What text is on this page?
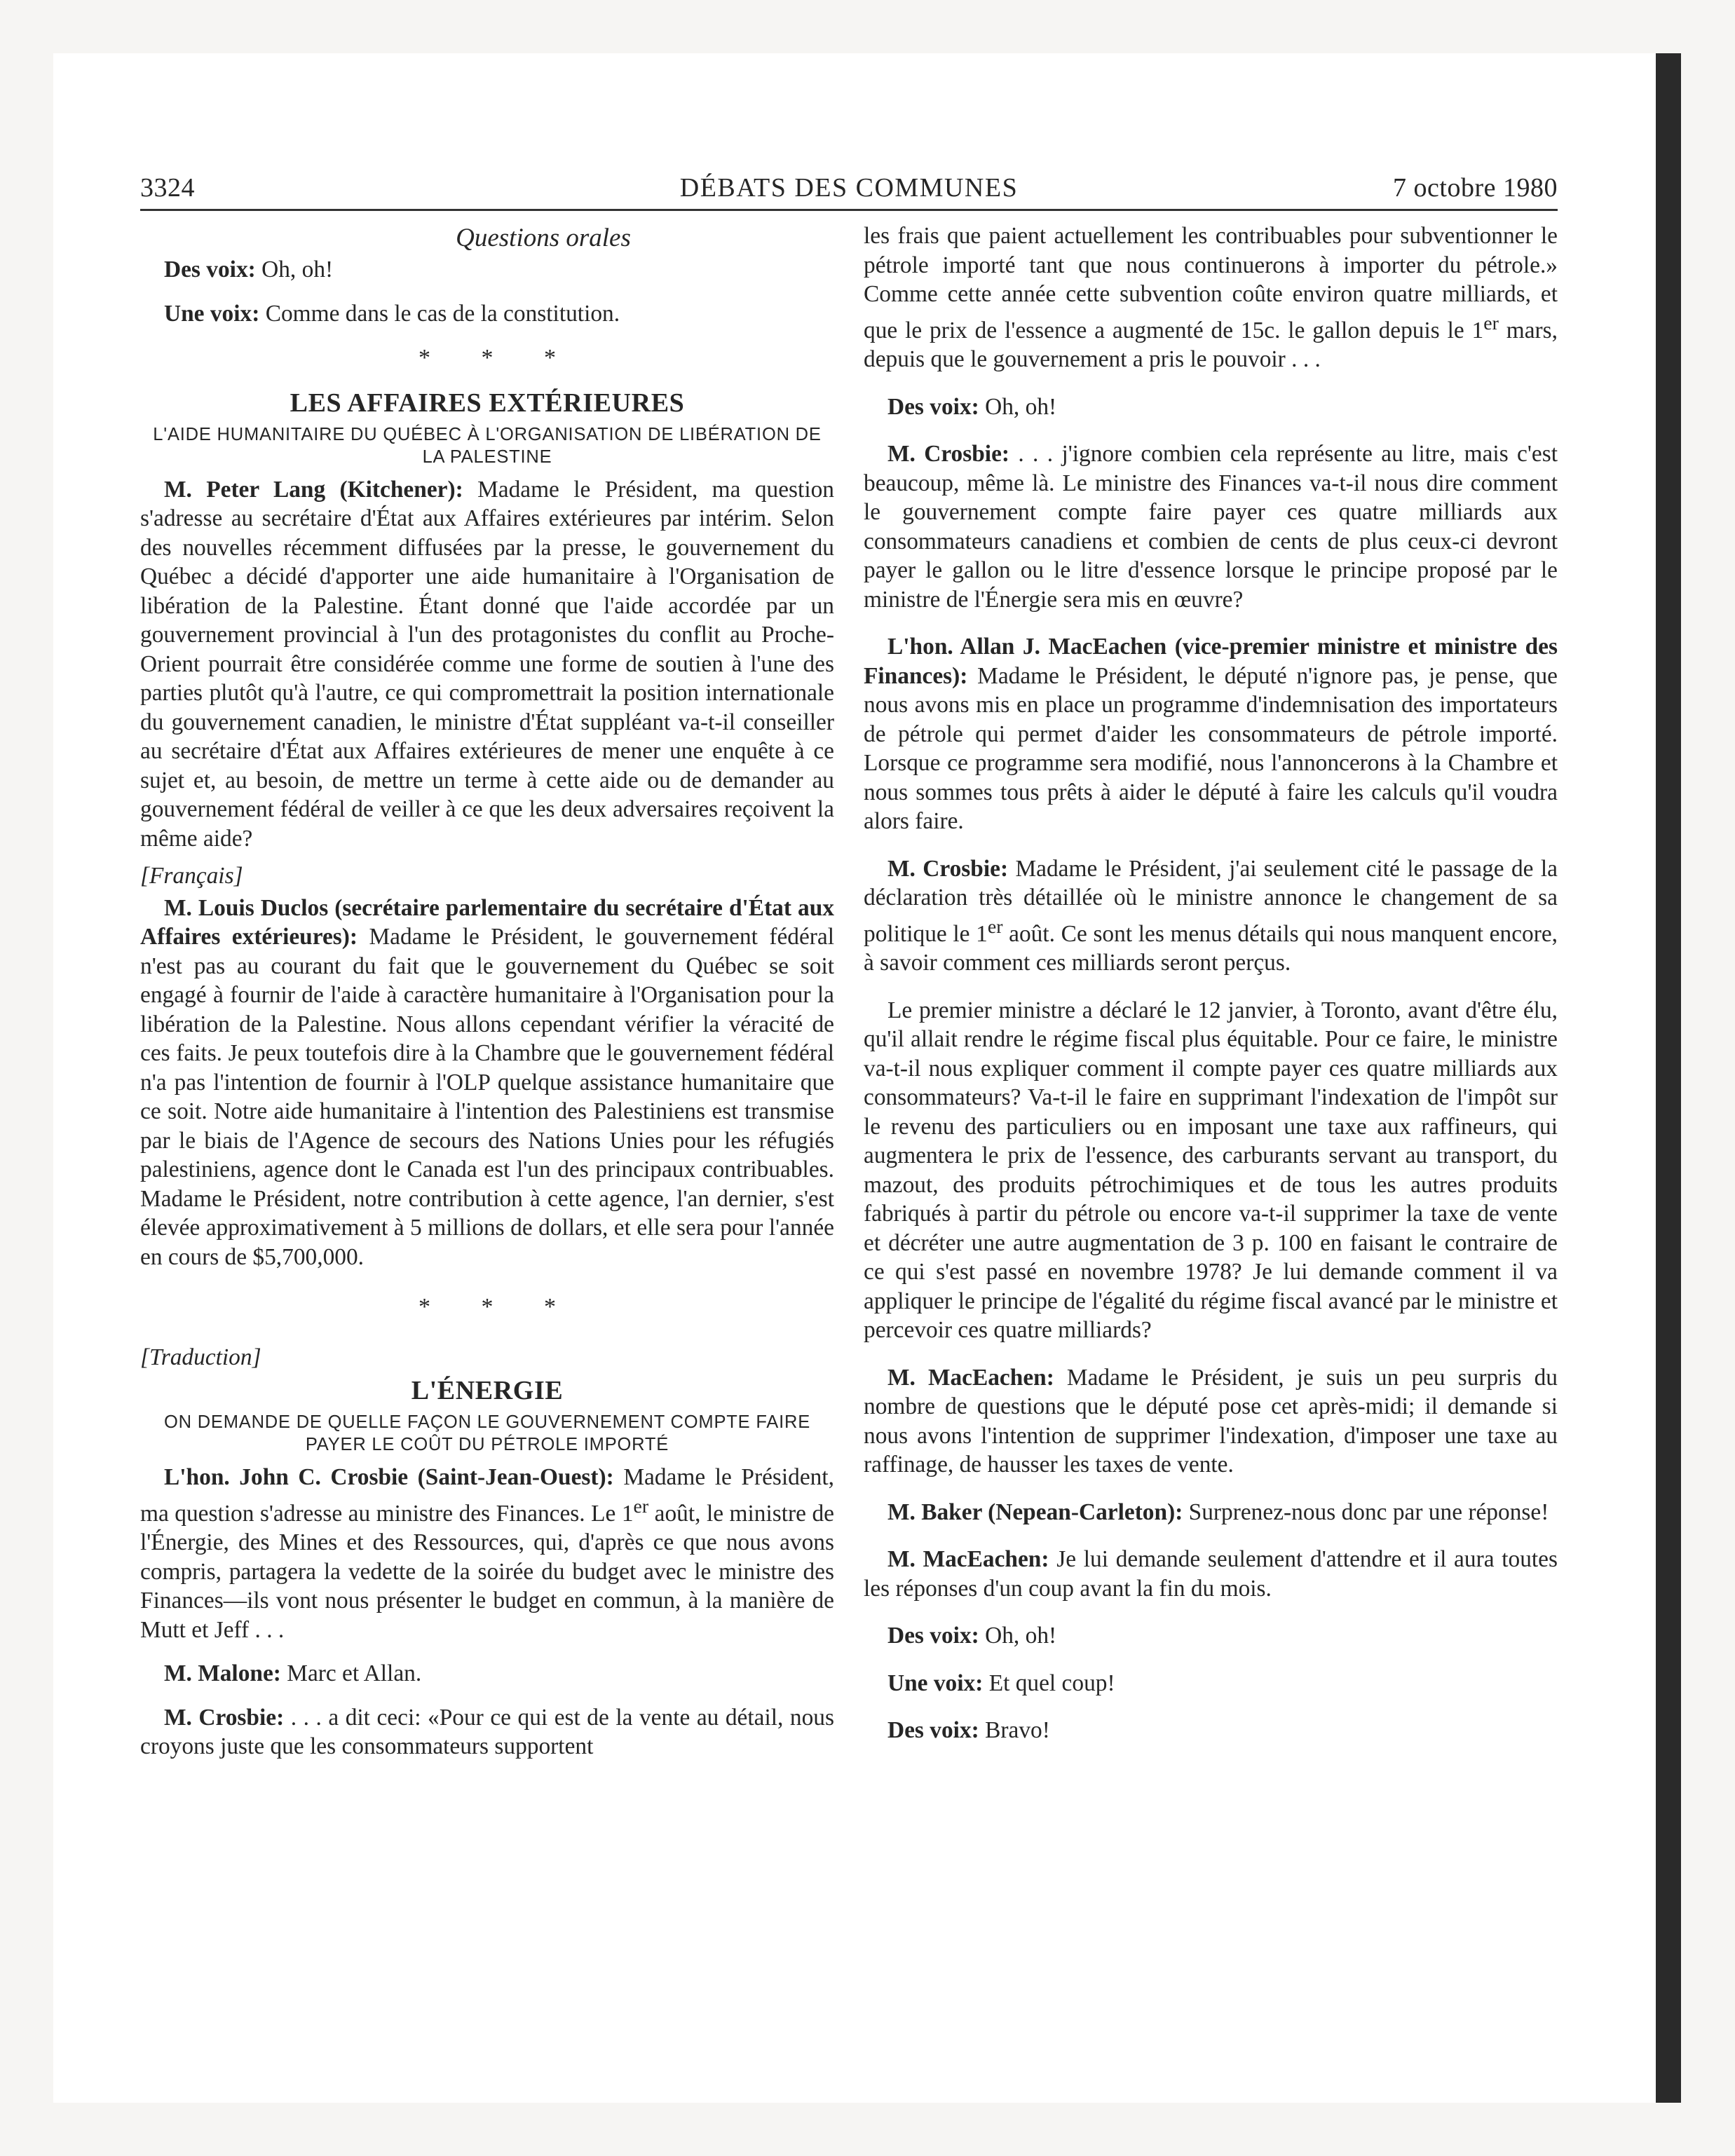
3324	DÉBATS DES COMMUNES	7 octobre 1980
Questions orales

Des voix: Oh, oh!

Une voix: Comme dans le cas de la constitution.

* * *
LES AFFAIRES EXTÉRIEURES
L'AIDE HUMANITAIRE DU QUÉBEC À L'ORGANISATION DE LIBÉRATION DE LA PALESTINE

M. Peter Lang (Kitchener): Madame le Président, ma question s'adresse au secrétaire d'État aux Affaires extérieures par intérim. Selon des nouvelles récemment diffusées par la presse, le gouvernement du Québec a décidé d'apporter une aide humanitaire à l'Organisation de libération de la Palestine. Étant donné que l'aide accordée par un gouvernement provincial à l'un des protagonistes du conflit au Proche-Orient pourrait être considérée comme une forme de soutien à l'une des parties plutôt qu'à l'autre, ce qui compromettrait la position internationale du gouvernement canadien, le ministre d'État suppléant va-t-il conseiller au secrétaire d'État aux Affaires extérieures de mener une enquête à ce sujet et, au besoin, de mettre un terme à cette aide ou de demander au gouvernement fédéral de veiller à ce que les deux adversaires reçoivent la même aide?

[Français]

M. Louis Duclos (secrétaire parlementaire du secrétaire d'État aux Affaires extérieures): Madame le Président, le gouvernement fédéral n'est pas au courant du fait que le gouvernement du Québec se soit engagé à fournir de l'aide à caractère humanitaire à l'Organisation pour la libération de la Palestine. Nous allons cependant vérifier la véracité de ces faits. Je peux toutefois dire à la Chambre que le gouvernement fédéral n'a pas l'intention de fournir à l'OLP quelque assistance humanitaire que ce soit. Notre aide humanitaire à l'intention des Palestiniens est transmise par le biais de l'Agence de secours des Nations Unies pour les réfugiés palestiniens, agence dont le Canada est l'un des principaux contribuables. Madame le Président, notre contribution à cette agence, l'an dernier, s'est élevée approximativement à 5 millions de dollars, et elle sera pour l'année en cours de $5,700,000.

* * *
[Traduction]
L'ÉNERGIE
ON DEMANDE DE QUELLE FAÇON LE GOUVERNEMENT COMPTE FAIRE PAYER LE COÛT DU PÉTROLE IMPORTÉ

L'hon. John C. Crosbie (Saint-Jean-Ouest): Madame le Président, ma question s'adresse au ministre des Finances. Le 1er août, le ministre de l'Énergie, des Mines et des Ressources, qui, d'après ce que nous avons compris, partagera la vedette de la soirée du budget avec le ministre des Finances—ils vont nous présenter le budget en commun, à la manière de Mutt et Jeff . . .

M. Malone: Marc et Allan.

M. Crosbie: . . . a dit ceci: «Pour ce qui est de la vente au détail, nous croyons juste que les consommateurs supportent

les frais que paient actuellement les contribuables pour subventionner le pétrole importé tant que nous continuerons à importer du pétrole.» Comme cette année cette subvention coûte environ quatre milliards, et que le prix de l'essence a augmenté de 15c. le gallon depuis le 1er mars, depuis que le gouvernement a pris le pouvoir . . .

Des voix: Oh, oh!

M. Crosbie: . . . j'ignore combien cela représente au litre, mais c'est beaucoup, même là. Le ministre des Finances va-t-il nous dire comment le gouvernement compte faire payer ces quatre milliards aux consommateurs canadiens et combien de cents de plus ceux-ci devront payer le gallon ou le litre d'essence lorsque le principe proposé par le ministre de l'Énergie sera mis en œuvre?

L'hon. Allan J. MacEachen (vice-premier ministre et ministre des Finances): Madame le Président, le député n'ignore pas, je pense, que nous avons mis en place un programme d'indemnisation des importateurs de pétrole qui permet d'aider les consommateurs de pétrole importé. Lorsque ce programme sera modifié, nous l'annoncerons à la Chambre et nous sommes tous prêts à aider le député à faire les calculs qu'il voudra alors faire.

M. Crosbie: Madame le Président, j'ai seulement cité le passage de la déclaration très détaillée où le ministre annonce le changement de sa politique le 1er août. Ce sont les menus détails qui nous manquent encore, à savoir comment ces milliards seront perçus.

Le premier ministre a déclaré le 12 janvier, à Toronto, avant d'être élu, qu'il allait rendre le régime fiscal plus équitable. Pour ce faire, le ministre va-t-il nous expliquer comment il compte payer ces quatre milliards aux consommateurs? Va-t-il le faire en supprimant l'indexation de l'impôt sur le revenu des particuliers ou en imposant une taxe aux raffineurs, qui augmentera le prix de l'essence, des carburants servant au transport, du mazout, des produits pétrochimiques et de tous les autres produits fabriqués à partir du pétrole ou encore va-t-il supprimer la taxe de vente et décréter une autre augmentation de 3 p. 100 en faisant le contraire de ce qui s'est passé en novembre 1978? Je lui demande comment il va appliquer le principe de l'égalité du régime fiscal avancé par le ministre et percevoir ces quatre milliards?

M. MacEachen: Madame le Président, je suis un peu surpris du nombre de questions que le député pose cet après-midi; il demande si nous avons l'intention de supprimer l'indexation, d'imposer une taxe au raffinage, de hausser les taxes de vente.

M. Baker (Nepean-Carleton): Surprenez-nous donc par une réponse!

M. MacEachen: Je lui demande seulement d'attendre et il aura toutes les réponses d'un coup avant la fin du mois.

Des voix: Oh, oh!

Une voix: Et quel coup!

Des voix: Bravo!
